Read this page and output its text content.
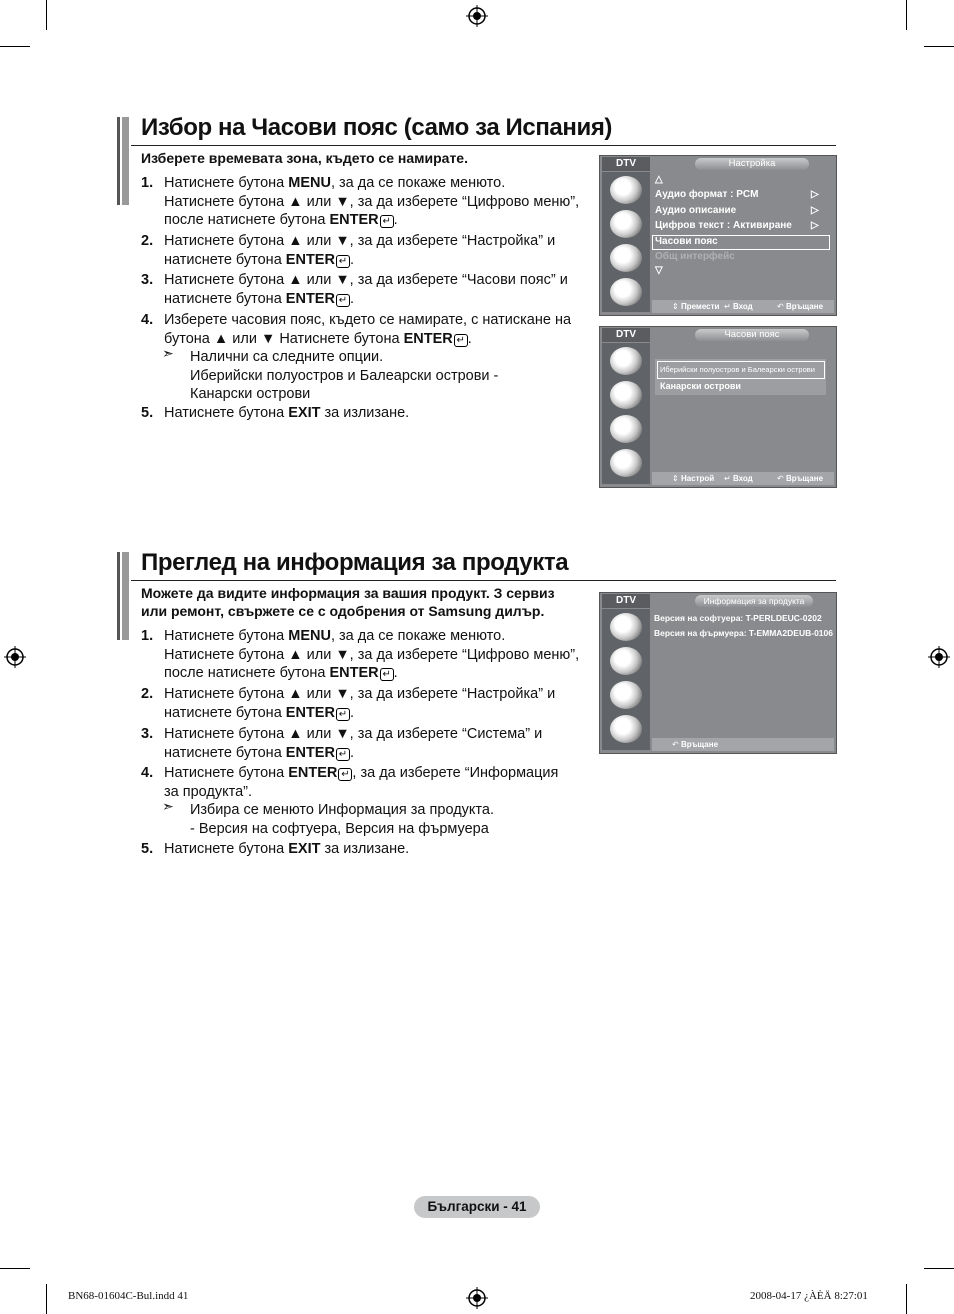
Избор на Часови пояс (само за Испания)
Изберете времевата зона, където се намирате.
1. Натиснете бутона MENU, за да се покаже менюто.
Натиснете бутона ▲ или ▼, за да изберете “Цифрово меню”,
после натиснете бутона ENTER ↵ .
2. Натиснете бутона ▲ или ▼, за да изберете “Настройка” и
натиснете бутона ENTER ↵ .
3. Натиснете бутона ▲ или ▼, за да изберете “Часови пояс” и
натиснете бутона ENTER ↵ .
4. Изберете часовия пояс, където се намирате, с натискане на
бутона ▲ или ▼ Натиснете бутона ENTER ↵ .
➣ Налични са следните опции.
Иберийски полуостров и Балеарски острови -
Канарски острови
5. Натиснете бутона EXIT за излизане.
DTV	Настройка
△
Аудио формат : PCM	▷
Аудио описание	▷
Цифров текст : Активиране ▷
Часови пояс
Общ интерфейс
▽
⇕ Премести ↵ Вход	↶ Връщане
DTV	Часови пояс
Иберийски полуостров и Балеарски острови
Канарски острови
⇕ Настрой ↵ Вход	↶ Връщане
Преглед на информация за продукта
Можете да видите информация за вашия продукт. З сервиз
или ремонт, свържете се с одобрения от Samsung дилър.
1. Натиснете бутона MENU, за да се покаже менюто.
Натиснете бутона ▲ или ▼, за да изберете “Цифрово меню”,
после натиснете бутона ENTER ↵ .
2. Натиснете бутона ▲ или ▼, за да изберете “Настройка” и
натиснете бутона ENTER ↵ .
3. Натиснете бутона ▲ или ▼, за да изберете “Система” и
натиснете бутона ENTER ↵ .
4. Натиснете бутона ENTER ↵ , за да изберете “Информация
за продукта”.
➣ Избира се менюто Информация за продукта.
- Версия на софтуера, Версия на фърмуера
5. Натиснете бутона EXIT за излизане.
DTV	Информация за продукта
Версия на софтуера: T-PERLDEUC-0202
Версия на фърмуера: T-EMMA2DEUB-0106
↶ Връщане
Български - 41
BN68-01604C-Bul.indd 41	2008-04-17 ¿ÀÈÄ 8:27:01
